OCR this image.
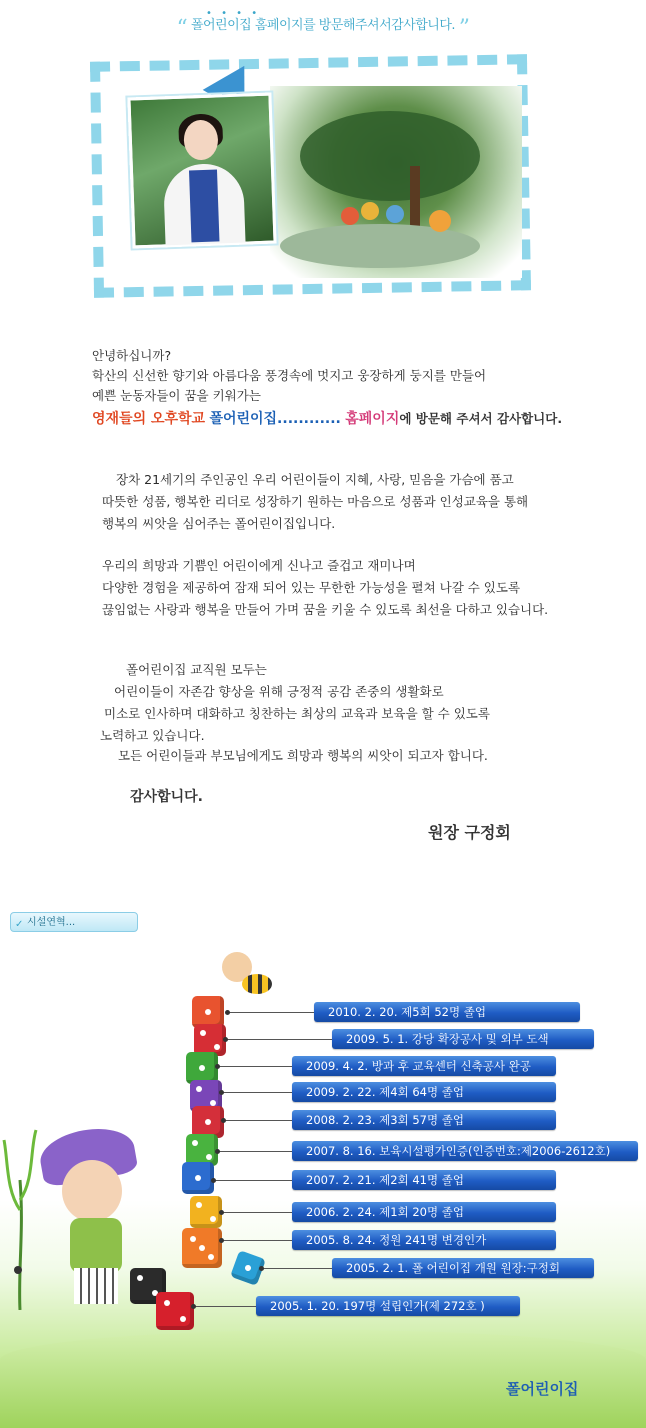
• • • •
“ 폴어린이집 홈페이지를 방문해주셔서감사합니다. ”
안녕하십니까?
학산의 신선한 향기와 아름다움 풍경속에 멋지고 웅장하게 둥지를 만들어
예쁜 눈동자들이 꿈을 키워가는
영재들의 오후학교 폴어린이집............ 홈페이지에 방문해 주셔서 감사합니다.
장차 21세기의 주인공인 우리 어린이들이 지혜, 사랑, 믿음을 가슴에 품고
따뜻한 성품, 행복한 리더로 성장하기 원하는 마음으로 성품과 인성교육을 통해
행복의 씨앗을 심어주는 폴어린이집입니다.
우리의 희망과 기쁨인 어린이에게 신나고 즐겁고 재미나며
다양한 경험을 제공하여 잠재 되어 있는 무한한 가능성을 펼쳐 나갈 수 있도록
끊임없는 사랑과 행복을 만들어 가며 꿈을 키울 수 있도록 최선을 다하고 있습니다.
폴어린이집 교직원 모두는
어린이들이 자존감 향상을 위해 긍정적 공감 존중의 생활화로
미소로 인사하며 대화하고 칭찬하는 최상의 교육과 보육을 할 수 있도록
노력하고 있습니다.
모든 어린이들과 부모님에게도 희망과 행복의 씨앗이 되고자 합니다.
감사합니다.
원장 구정회
✓ 시설연혁...
2010. 2. 20. 제5회 52명 졸업
2009. 5. 1. 강당 확장공사 및 외부 도색
2009. 4. 2. 방과 후 교육센터 신축공사 완공
2009. 2. 22. 제4회 64명 졸업
2008. 2. 23. 제3회 57명 졸업
2007. 8. 16. 보육시설평가인증(인증번호:제2006-2612호)
2007. 2. 21. 제2회 41명 졸업
2006. 2. 24. 제1회 20명 졸업
2005. 8. 24. 정원 241명 변경인가
2005. 2. 1. 폴 어린이집 개원 원장:구정회
2005. 1. 20. 197명 설립인가(제 272호 )
폴어린이집
